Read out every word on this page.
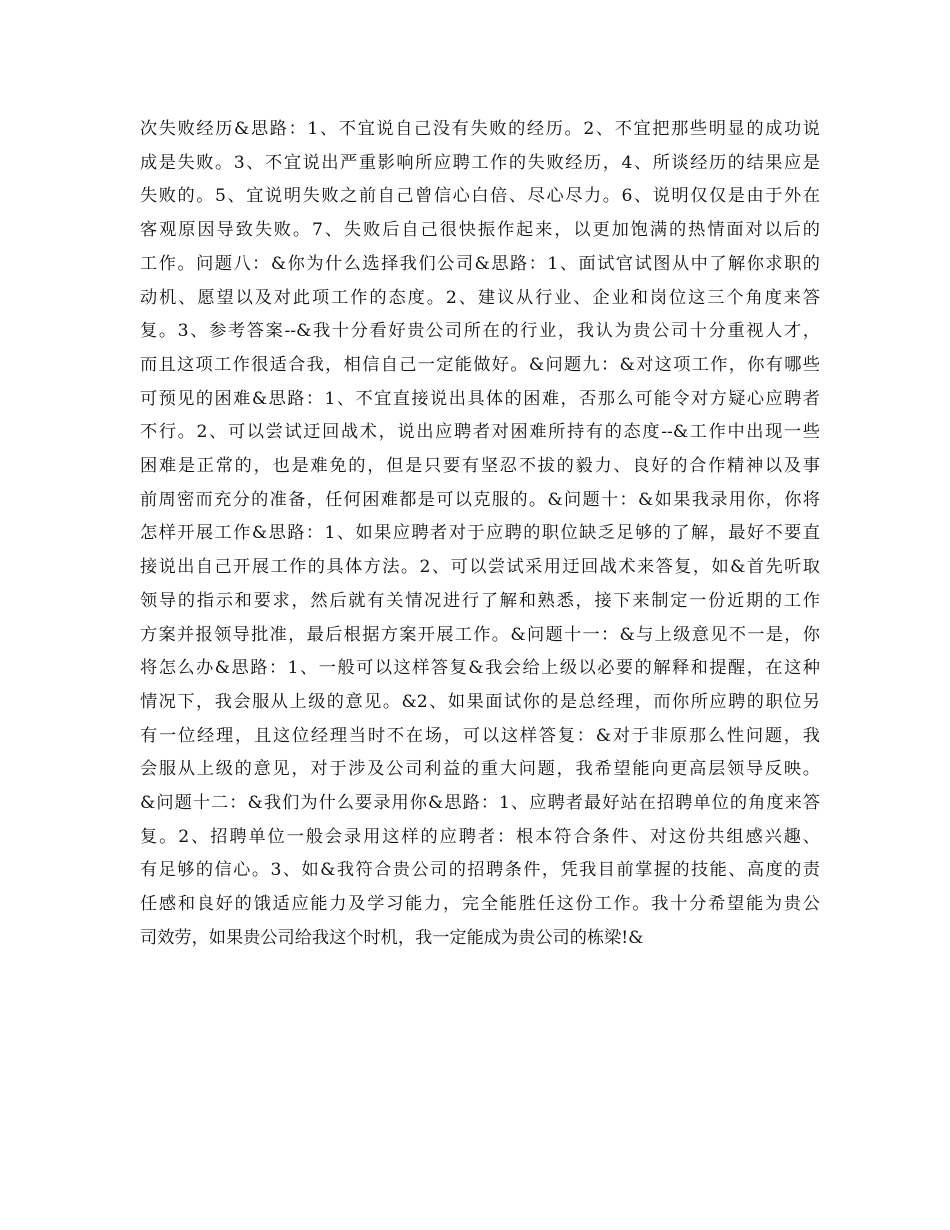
次失败经历&思路：1、不宜说自己没有失败的经历。2、不宜把那些明显的成功说
成是失败。3、不宜说出严重影响所应聘工作的失败经历，4、所谈经历的结果应是
失败的。5、宜说明失败之前自己曾信心白倍、尽心尽力。6、说明仅仅是由于外在
客观原因导致失败。7、失败后自己很快振作起来，以更加饱满的热情面对以后的
工作。问题八：&你为什么选择我们公司&思路：1、面试官试图从中了解你求职的
动机、愿望以及对此项工作的态度。2、建议从行业、企业和岗位这三个角度来答
复。3、参考答案--&我十分看好贵公司所在的行业，我认为贵公司十分重视人才，
而且这项工作很适合我，相信自己一定能做好。&问题九：&对这项工作，你有哪些
可预见的困难&思路：1、不宜直接说出具体的困难，否那么可能令对方疑心应聘者
不行。2、可以尝试迂回战术，说出应聘者对困难所持有的态度--&工作中出现一些
困难是正常的，也是难免的，但是只要有坚忍不拔的毅力、良好的合作精神以及事
前周密而充分的准备，任何困难都是可以克服的。&问题十：&如果我录用你，你将
怎样开展工作&思路：1、如果应聘者对于应聘的职位缺乏足够的了解，最好不要直
接说出自己开展工作的具体方法。2、可以尝试采用迂回战术来答复，如&首先听取
领导的指示和要求，然后就有关情况进行了解和熟悉，接下来制定一份近期的工作
方案并报领导批准，最后根据方案开展工作。&问题十一：&与上级意见不一是，你
将怎么办&思路：1、一般可以这样答复&我会给上级以必要的解释和提醒，在这种
情况下，我会服从上级的意见。&2、如果面试你的是总经理，而你所应聘的职位另
有一位经理，且这位经理当时不在场，可以这样答复：&对于非原那么性问题，我
会服从上级的意见，对于涉及公司利益的重大问题，我希望能向更高层领导反映。
&问题十二：&我们为什么要录用你&思路：1、应聘者最好站在招聘单位的角度来答
复。2、招聘单位一般会录用这样的应聘者：根本符合条件、对这份共组感兴趣、
有足够的信心。3、如&我符合贵公司的招聘条件，凭我目前掌握的技能、高度的责
任感和良好的饿适应能力及学习能力，完全能胜任这份工作。我十分希望能为贵公
司效劳，如果贵公司给我这个时机，我一定能成为贵公司的栋梁!&
